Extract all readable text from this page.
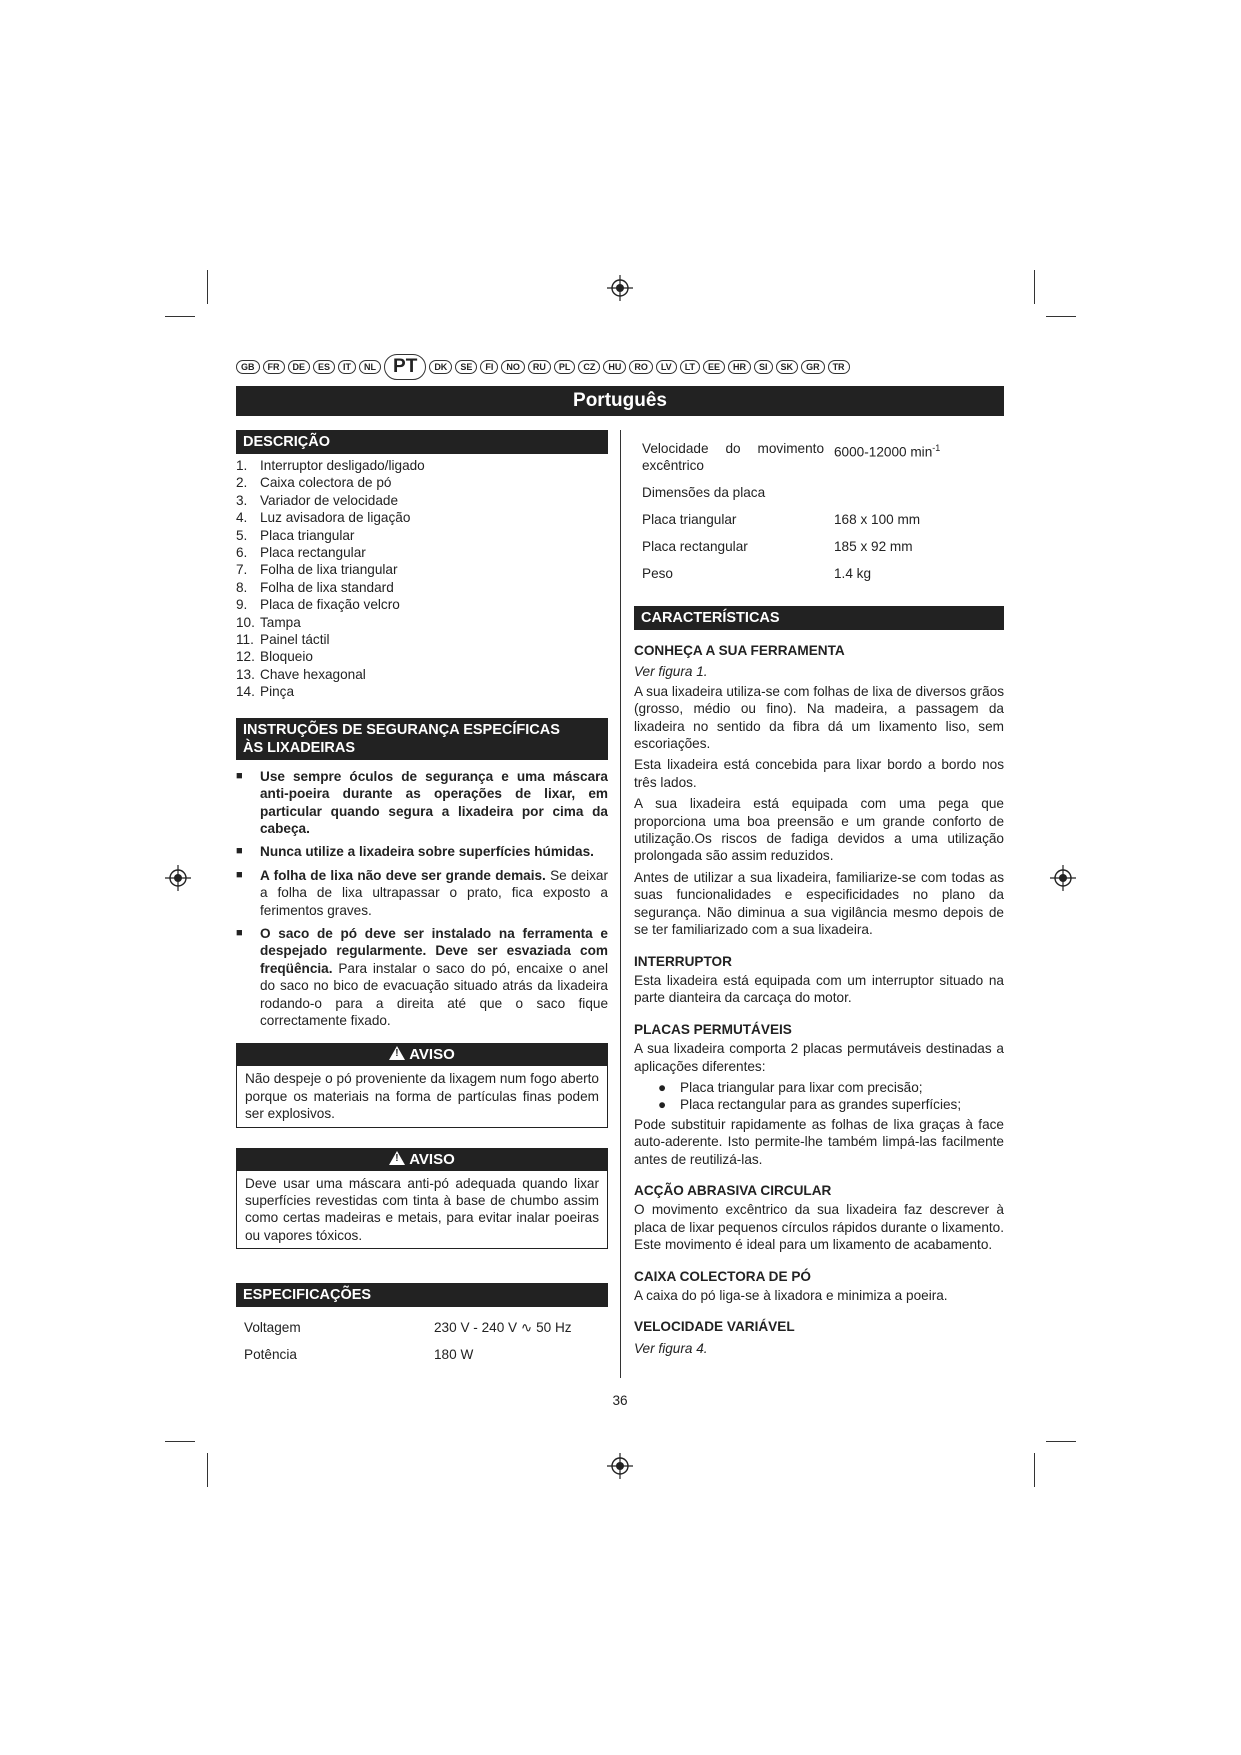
GB	FR	DE	ES	IT	NL PT	DK	SE	FI	NO	RU	PL	CZ	HU	RO	LV	LT	EE	HR	SI	SK	GR	TR
Português
DESCRIÇÃO
1. Interruptor desligado/ligado
2. Caixa colectora de pó
3. Variador de velocidade
4. Luz avisadora de ligação
5. Placa triangular
6. Placa rectangular
7. Folha de lixa triangular
8. Folha de lixa standard
9. Placa de fixação velcro
10. Tampa
11. Painel táctil
12. Bloqueio
13. Chave hexagonal
14. Pinça
INSTRUÇÕES DE SEGURANÇA ESPECÍFICAS
ÀS LIXADEIRAS
■	Use sempre óculos de segurança e uma máscara anti-poeira durante as operações de lixar, em particular quando segura a lixadeira por cima da cabeça.
■	Nunca utilize a lixadeira sobre superfícies húmidas.
■	A folha de lixa não deve ser grande demais. Se deixar a folha de lixa ultrapassar o prato, fica exposto a ferimentos graves.
■	O saco de pó deve ser instalado na ferramenta e despejado regularmente. Deve ser esvaziada com freqüência. Para instalar o saco do pó, encaixe o anel do saco no bico de evacuação situado atrás da lixadeira rodando-o para a direita até que o saco fique correctamente fixado.
! AVISO
Não despeje o pó proveniente da lixagem num fogo aberto porque os materiais na forma de partículas finas podem ser explosivos.
! AVISO
Deve usar uma máscara anti-pó adequada quando lixar superfícies revestidas com tinta à base de chumbo assim como certas madeiras e metais, para evitar inalar poeiras ou vapores tóxicos.
ESPECIFICAÇÕES
Voltagem	230 V - 240 V ∿ 50 Hz
Potência	180 W
Velocidade do movimento excêntrico	6000-12000 $\min^{-1}$
Dimensões da placa	
Placa triangular	168 x 100 mm
Placa rectangular	185 x 92 mm
Peso	1.4 kg
CARACTERÍSTICAS
CONHEÇA A SUA FERRAMENTA
Ver figura 1.

A sua lixadeira utiliza-se com folhas de lixa de diversos grãos (grosso, médio ou fino). Na madeira, a passagem da lixadeira no sentido da fibra dá um lixamento liso, sem escoriações.

Esta lixadeira está concebida para lixar bordo a bordo nos três lados.

A sua lixadeira está equipada com uma pega que proporciona uma boa preensão e um grande conforto de utilização.Os riscos de fadiga devidos a uma utilização prolongada são assim reduzidos.

Antes de utilizar a sua lixadeira, familiarize-se com todas as suas funcionalidades e especificidades no plano da segurança. Não diminua a sua vigilância mesmo depois de se ter familiarizado com a sua lixadeira.

INTERRUPTOR

Esta lixadeira está equipada com um interruptor situado na parte dianteira da carcaça do motor.

PLACAS PERMUTÁVEIS

A sua lixadeira comporta 2 placas permutáveis destinadas a aplicações diferentes:

●	Placa triangular para lixar com precisão;
●	Placa rectangular para as grandes superfícies;

Pode substituir rapidamente as folhas de lixa graças à face auto-aderente. Isto permite-lhe também limpá-las facilmente antes de reutilizá-las.

ACÇÃO ABRASIVA CIRCULAR

O movimento excêntrico da sua lixadeira faz descrever à placa de lixar pequenos círculos rápidos durante o lixamento. Este movimento é ideal para um lixamento de acabamento.

CAIXA COLECTORA DE PÓ

A caixa do pó liga-se à lixadora e minimiza a poeira.

VELOCIDADE VARIÁVEL
Ver figura 4.
36
